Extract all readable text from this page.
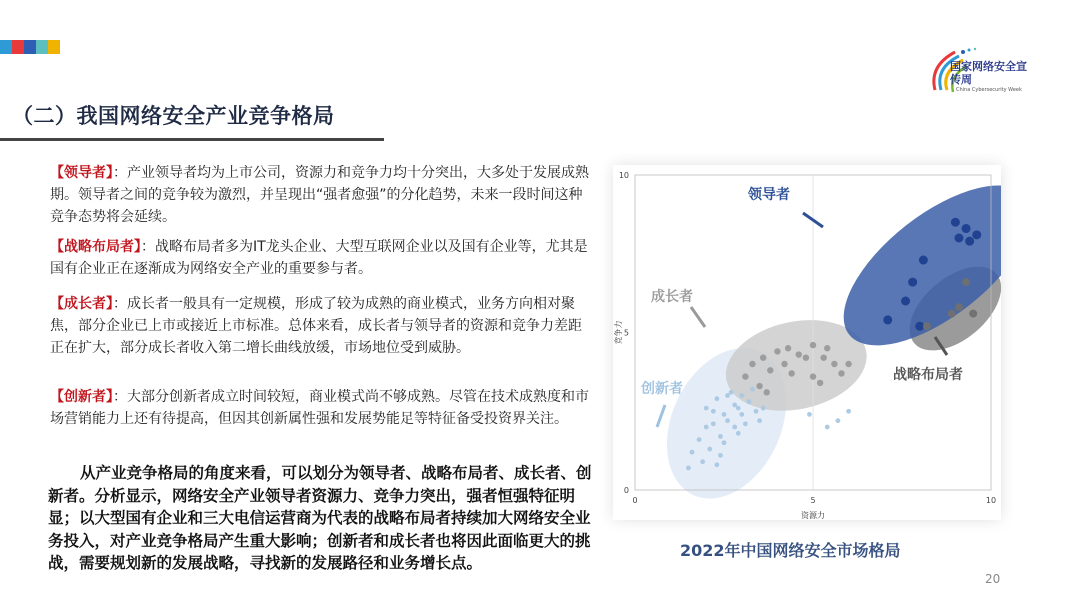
国家网络安全宣传周
China Cybersecurity Week
（二）我国网络安全产业竞争格局
【领导者】：产业领导者均为上市公司，资源力和竞争力均十分突出，大多处于发展成熟期。领导者之间的竞争较为激烈，并呈现出“强者愈强”的分化趋势，未来一段时间这种竞争态势将会延续。
【战略布局者】：战略布局者多为IT龙头企业、大型互联网企业以及国有企业等，尤其是国有企业正在逐渐成为网络安全产业的重要参与者。
【成长者】：成长者一般具有一定规模，形成了较为成熟的商业模式，业务方向相对聚焦，部分企业已上市或接近上市标准。总体来看，成长者与领导者的资源和竞争力差距正在扩大，部分成长者收入第二增长曲线放缓，市场地位受到威胁。
【创新者】：大部分创新者成立时间较短，商业模式尚不够成熟。尽管在技术成熟度和市场营销能力上还有待提高，但因其创新属性强和发展势能足等特征备受投资界关注。
从产业竞争格局的角度来看，可以划分为领导者、战略布局者、成长者、创新者。分析显示，网络安全产业领导者资源力、竞争力突出，强者恒强特征明显；以大型国有企业和三大电信运营商为代表的战略布局者持续加大网络安全业务投入，对产业竞争格局产生重大影响；创新者和成长者也将因此面临更大的挑战，需要规划新的发展战略，寻找新的发展路径和业务增长点。
0	5	10
0
5
10
资源力
竞争力
领导者
战略布局者
成长者
创新者
2022年中国网络安全市场格局
20
